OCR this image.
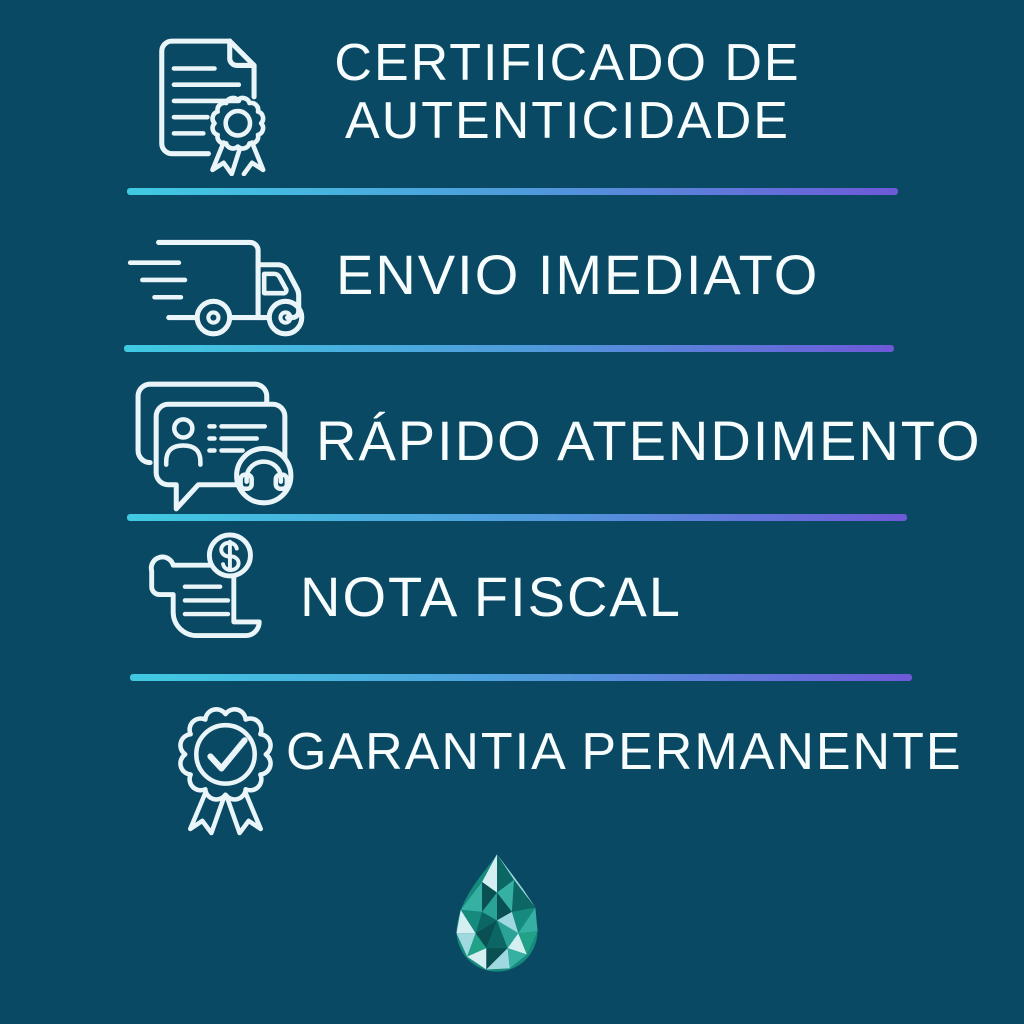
CERTIFICADO DE
AUTENTICIDADE
ENVIO IMEDIATO
RÁPIDO ATENDIMENTO
NOTA FISCAL
GARANTIA PERMANENTE
